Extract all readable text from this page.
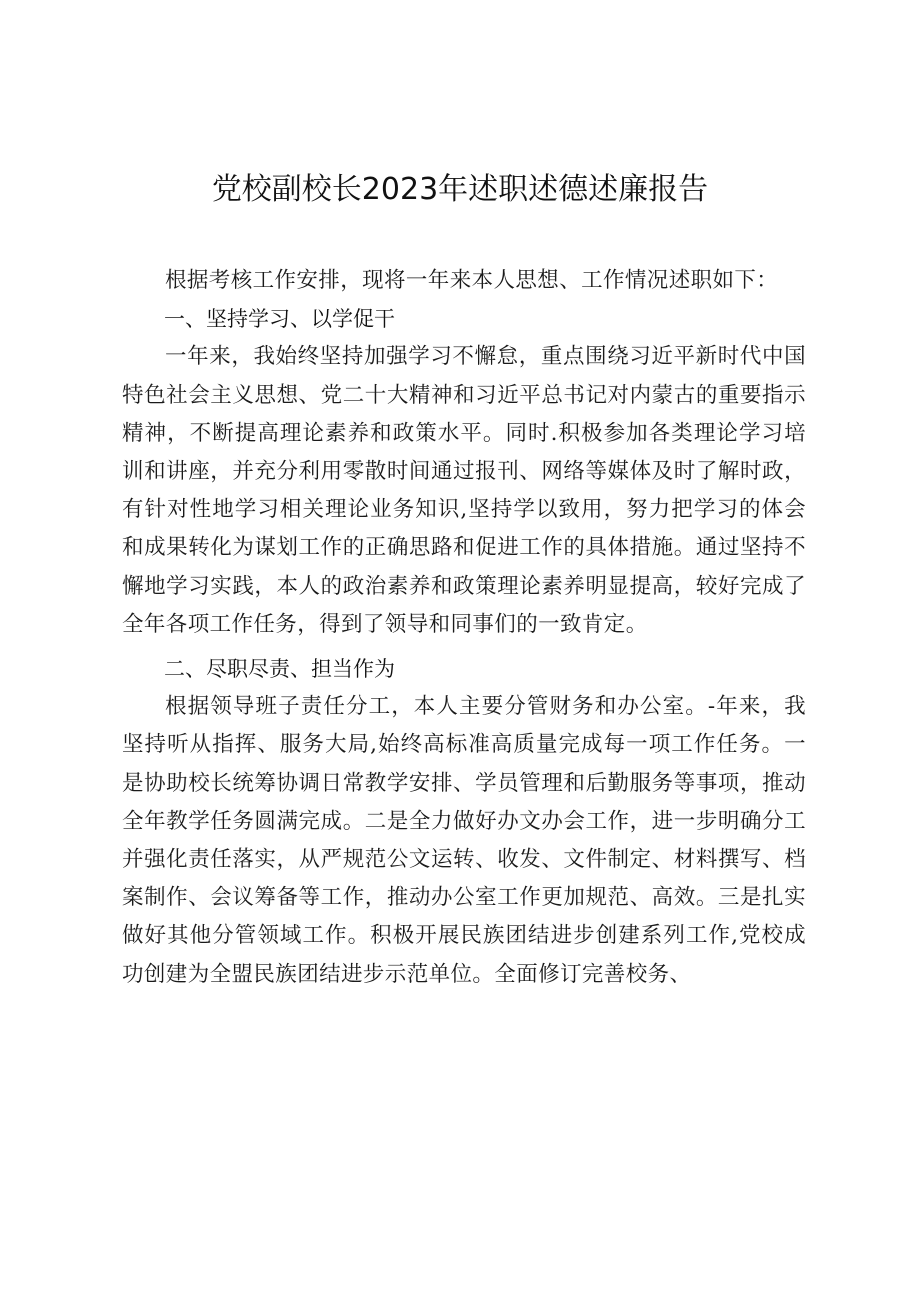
党校副校长2023年述职述德述廉报告

根据考核工作安排，现将一年来本人思想、工作情况述职如下：

一、坚持学习、以学促干

一年来，我始终坚持加强学习不懈怠，重点围绕习近平新时代中国特色社会主义思想、党二十大精神和习近平总书记对内蒙古的重要指示精神，不断提高理论素养和政策水平。同时.积极参加各类理论学习培训和讲座，并充分利用零散时间通过报刊、网络等媒体及时了解时政，有针对性地学习相关理论业务知识,坚持学以致用，努力把学习的体会和成果转化为谋划工作的正确思路和促进工作的具体措施。通过坚持不懈地学习实践，本人的政治素养和政策理论素养明显提高，较好完成了全年各项工作任务，得到了领导和同事们的一致肯定。

二、尽职尽责、担当作为

根据领导班子责任分工，本人主要分管财务和办公室。-年来，我坚持听从指挥、服务大局,始终高标准高质量完成每一项工作任务。一是协助校长统筹协调日常教学安排、学员管理和后勤服务等事项，推动全年教学任务圆满完成。二是全力做好办文办会工作，进一步明确分工并强化责任落实，从严规范公文运转、收发、文件制定、材料撰写、档案制作、会议筹备等工作，推动办公室工作更加规范、高效。三是扎实做好其他分管领域工作。积极开展民族团结进步创建系列工作,党校成功创建为全盟民族团结进步示范单位。全面修订完善校务、
